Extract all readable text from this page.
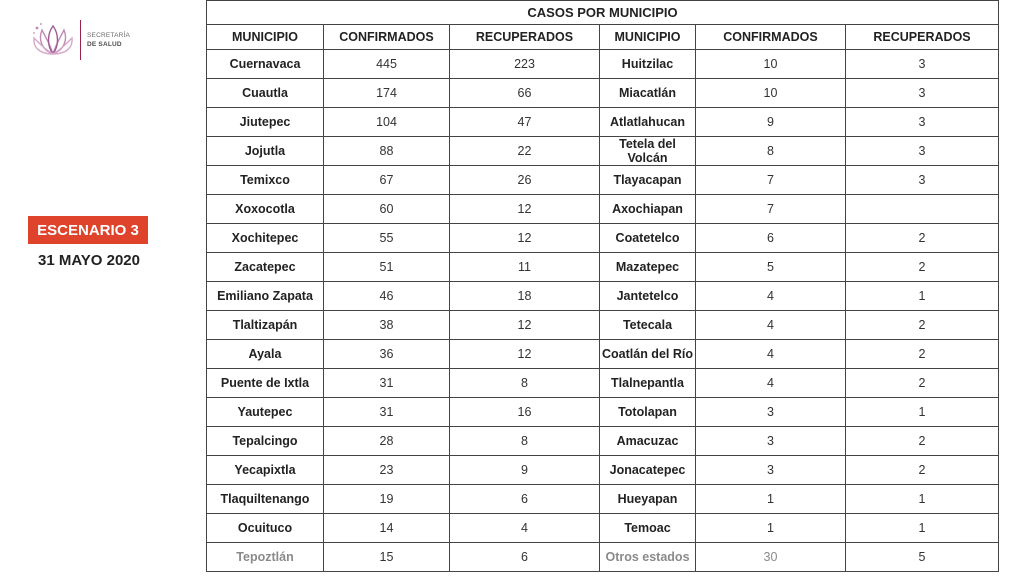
SECRETARÍA
DE SALUD
ESCENARIO 3
31 MAYO 2020
CASOS POR MUNICIPIO					
MUNICIPIO	CONFIRMADOS	RECUPERADOS	MUNICIPIO	CONFIRMADOS	RECUPERADOS
Cuernavaca	445	223	Huitzilac	10	3
Cuautla	174	66	Miacatlán	10	3
Jiutepec	104	47	Atlatlahucan	9	3
Jojutla	88	22	Tetela del Volcán	8	3
Temixco	67	26	Tlayacapan	7	3
Xoxocotla	60	12	Axochiapan	7	
Xochitepec	55	12	Coatetelco	6	2
Zacatepec	51	11	Mazatepec	5	2
Emiliano Zapata	46	18	Jantetelco	4	1
Tlaltizapán	38	12	Tetecala	4	2
Ayala	36	12	Coatlán del Río	4	2
Puente de Ixtla	31	8	Tlalnepantla	4	2
Yautepec	31	16	Totolapan	3	1
Tepalcingo	28	8	Amacuzac	3	2
Yecapixtla	23	9	Jonacatepec	3	2
Tlaquiltenango	19	6	Hueyapan	1	1
Ocuituco	14	4	Temoac	1	1
Tepoztlán	15	6	Otros estados	30	5
